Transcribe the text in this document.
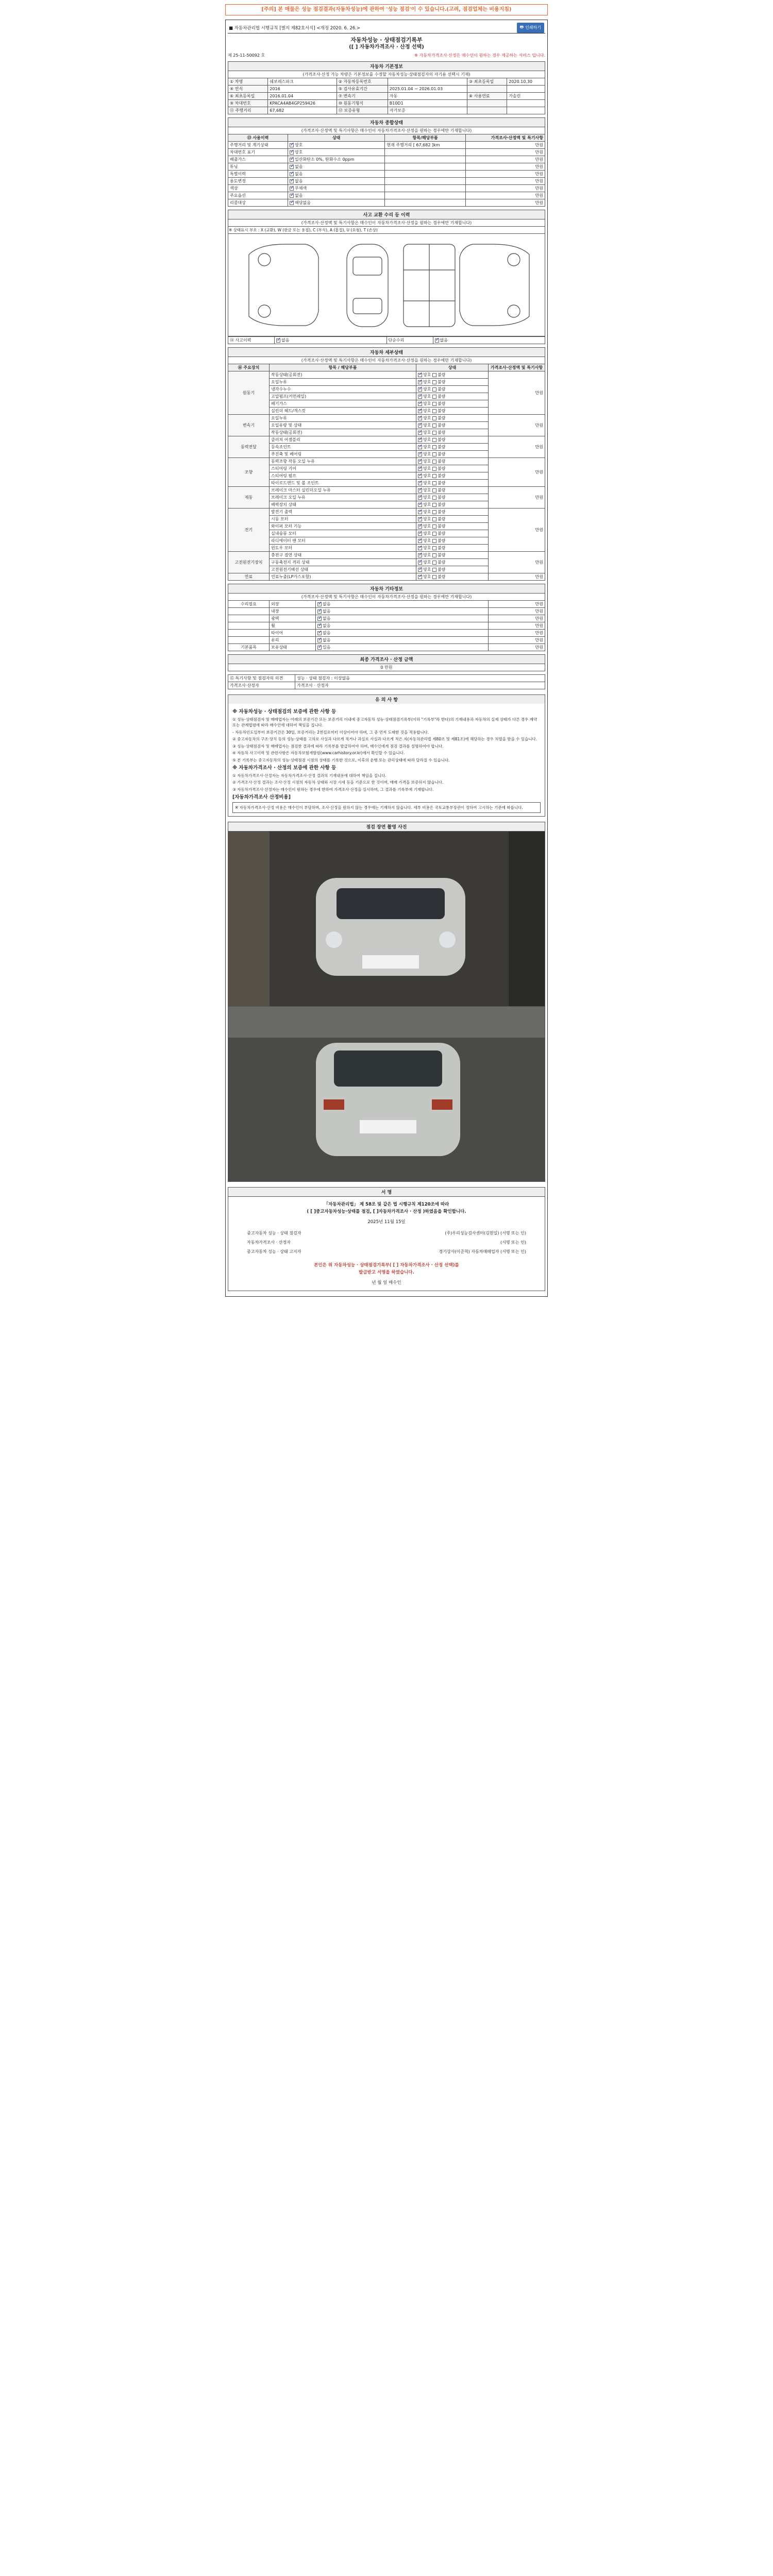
[주의] 본 매물은 성능 점검결과(자동차성능)에 관하여 '성능 점검'이 수 있습니다.(고려, 점검업체는 비용지침)
■ 자동차관리법 시행규칙 [별지 제82호서식] <개정 2020. 6. 26.>	🖶 인쇄하기
자동차성능 · 상태점검기록부
([ ] 자동차가격조사 · 산정 선택)
제 25-11-50092 호	※ 자동차가격조사·산정은 매수인이 원하는 경우 제공하는 서비스 입니다.
자동차 기본정보
(가격조사·산정 가능 차량은 기본정보를 수정할 자동차성능·상태점검자의 자기용 선택시 기재)
① 차명	쉐보레스파크	② 자동차등록번호		③ 최초등록일	2020.10.30
④ 연식	2016	⑤ 검사유효기간	2025.01.04 ~ 2026.01.03		
⑥ 최초등록일	2016.01.04	⑦ 변속기	자동	⑧ 사용연료	가솔린
⑨ 차대번호	KPACA4AB4GP259426	⑩ 원동기형식	B10D1		
⑪ 주행거리	67,682	⑫ 보증유형	자가보증		
자동차 종합상태
(가격조사·산정액 및 특기사항은 매수인이 자동차가격조사·산정을 원하는 경우에만 기재합니다)
⑬ 사용이력	상태	항목/해당부품	가격조사·산정액 및 특기사항
주행거리 및 계기상태	✓양호	현재 주행거리 [ 67,682 ]km	만원
차대번호 표기	✓양호		만원
배출가스	✓일산화탄소 0%, 탄화수소 0ppm		만원
튜닝	✓없음		만원
특별이력	✓없음		만원
용도변경	✓없음		만원
색상	✓무채색		만원
주요옵션	✓없음		만원
리콜대상	✓해당없음		만원
사고 교환 수리 등 이력
(가격조사·산정액 및 특기사항은 매수인이 자동차가격조사·산정을 원하는 경우에만 기재합니다)
※ 상태표시 부호 : X (교환), W (판금 또는 용접), C (부식), A (흠집), U (요철), T (손상)
⑭ 사고이력	✓없음	단순수리	✓없음
자동차 세부상태
(가격조사·산정액 및 특기사항은 매수인이 자동차가격조사·산정을 원하는 경우에만 기재합니다)
⑯ 주요장치	항목 / 해당부품	상태	가격조사·산정액 및 특기사항
원동기	작동상태(공회전)	✓양호 불량	만원
	오일누유	✓양호 불량
	냉각수누수	✓양호 불량
	고압펌프(커먼레일)	✓양호 불량
	배기가스	✓양호 불량
	실린더 헤드/개스킷	✓양호 불량
변속기	오일누유	✓양호 불량	만원
	오일유량 및 상태	✓양호 불량
	작동상태(공회전)	✓양호 불량
동력전달	클러치 어셈블리	✓양호 불량	만원
	등속조인트	✓양호 불량
	추진축 및 베어링	✓양호 불량
조향	동력조향 작동 오일 누유	✓양호 불량	만원
	스티어링 기어	✓양호 불량
	스티어링 펌프	✓양호 불량
	타이로드엔드 및 볼 조인트	✓양호 불량
제동	브레이크 마스터 실린더오일 누유	✓양호 불량	만원
	브레이크 오일 누유	✓양호 불량
	배력장치 상태	✓양호 불량
전기	발전기 출력	✓양호 불량	만원
	시동 모터	✓양호 불량
	와이퍼 모터 기능	✓양호 불량
	실내송풍 모터	✓양호 불량
	라디에이터 팬 모터	✓양호 불량
	윈도우 모터	✓양호 불량
고전원전기장치	충전구 절연 상태	✓양호 불량	만원
	구동축전지 격리 상태	✓양호 불량
	고전원전기배선 상태	✓양호 불량
연료	연료누출(LP가스포함)	✓양호 불량	만원
자동차 기타정보
(가격조사·산정액 및 특기사항은 매수인이 자동차가격조사·산정을 원하는 경우에만 기재합니다)
수리필요	외장	✓없음	만원
	내장	✓없음	만원
	광택	✓없음	만원
	휠	✓없음	만원
	타이어	✓없음	만원
	유리	✓없음	만원
기본품목	보유상태	✓있음	만원
최종 가격조사 · 산정 금액
0 만원
⑮ 특기사항 및 점검자의 의견	성능 · 상태 점검자 : 이상없음
가격조사·산정자	가격조사 · 산정자
유 의 사 항
※ 자동차성능 · 상태점검의 보증에 관한 사항 등

① 성능·상태점검자 및 매매업자는 아래의 보증기간 또는 보증거리 이내에 중고자동차 성능·상태점검기록부(이하 "기록부"라 한다)의 기재내용과 자동차의 실제 상태가 다른 경우 계약 또는 관계법령에 따라 매수인에 대하여 책임을 집니다.

- 자동차인도일부터 보증기간은 30일, 보증거리는 2천킬로미터 이상이어야 하며, 그 중 먼저 도래한 것을 적용합니다.

② 중고자동차의 구조·장치 등의 성능·상태를 고의로 사실과 다르게 적거나 과실로 사실과 다르게 적은 자(자동차관리법 제80조 및 제81조)에 해당하는 경우 처벌을 받을 수 있습니다.

③ 성능·상태점검자 및 매매업자는 점검한 결과에 따라 기록부를 발급하여야 하며, 매수인에게 점검 결과를 설명하여야 합니다.

④ 자동차 사고이력 및 관련사항은 자동차보험개발원(www.carhistory.or.kr)에서 확인할 수 있습니다.

⑤ 본 기록부는 중고자동차의 성능·상태점검 시점의 상태를 기록한 것으로, 이후의 운행 또는 관리상태에 따라 달라질 수 있습니다.

※ 자동차가격조사 · 산정의 보증에 관한 사항 등

① 자동차가격조사·산정자는 자동차가격조사·산정 결과의 기재내용에 대하여 책임을 집니다.

② 가격조사·산정 결과는 조사·산정 시점의 자동차 상태와 시장 시세 등을 기준으로 한 것이며, 매매 가격을 보증하지 않습니다.

③ 자동차가격조사·산정자는 매수인이 원하는 경우에 한하여 가격조사·산정을 실시하며, 그 결과를 기록부에 기재합니다.

[자동차가격조사 산정비용]
※ 자동차가격조사·산정 비용은 매수인이 부담하며, 조사·산정을 원하지 않는 경우에는 기재하지 않습니다. 세부 비용은 국토교통부장관이 정하여 고시하는 기준에 따릅니다.
점검 장면 촬영 사진
서 명
「자동차관리법」 제 58조 및 같은 법 시행규칙 제120조에 따라
( [ ]중고자동차성능·상태를 점검, [ ]자동차가격조사 · 산정 )하였음을 확인합니다.
2025년 11월 15일
중고자동차 성능 · 상태 점검자	(주)우리성능검사센터(김현일) (서명 또는 인)
자동차가격조사 · 산정자	(서명 또는 인)
중고자동차 성능 · 상태 고지자	경기상사(이준혁) 자동차매매업자 (서명 또는 인)
본인은 위 자동차성능 · 상태점검기록부( [ ] 자동차가격조사 · 산정 선택)를
발급받고 서명을 하였습니다.
년 월 일 매수인
